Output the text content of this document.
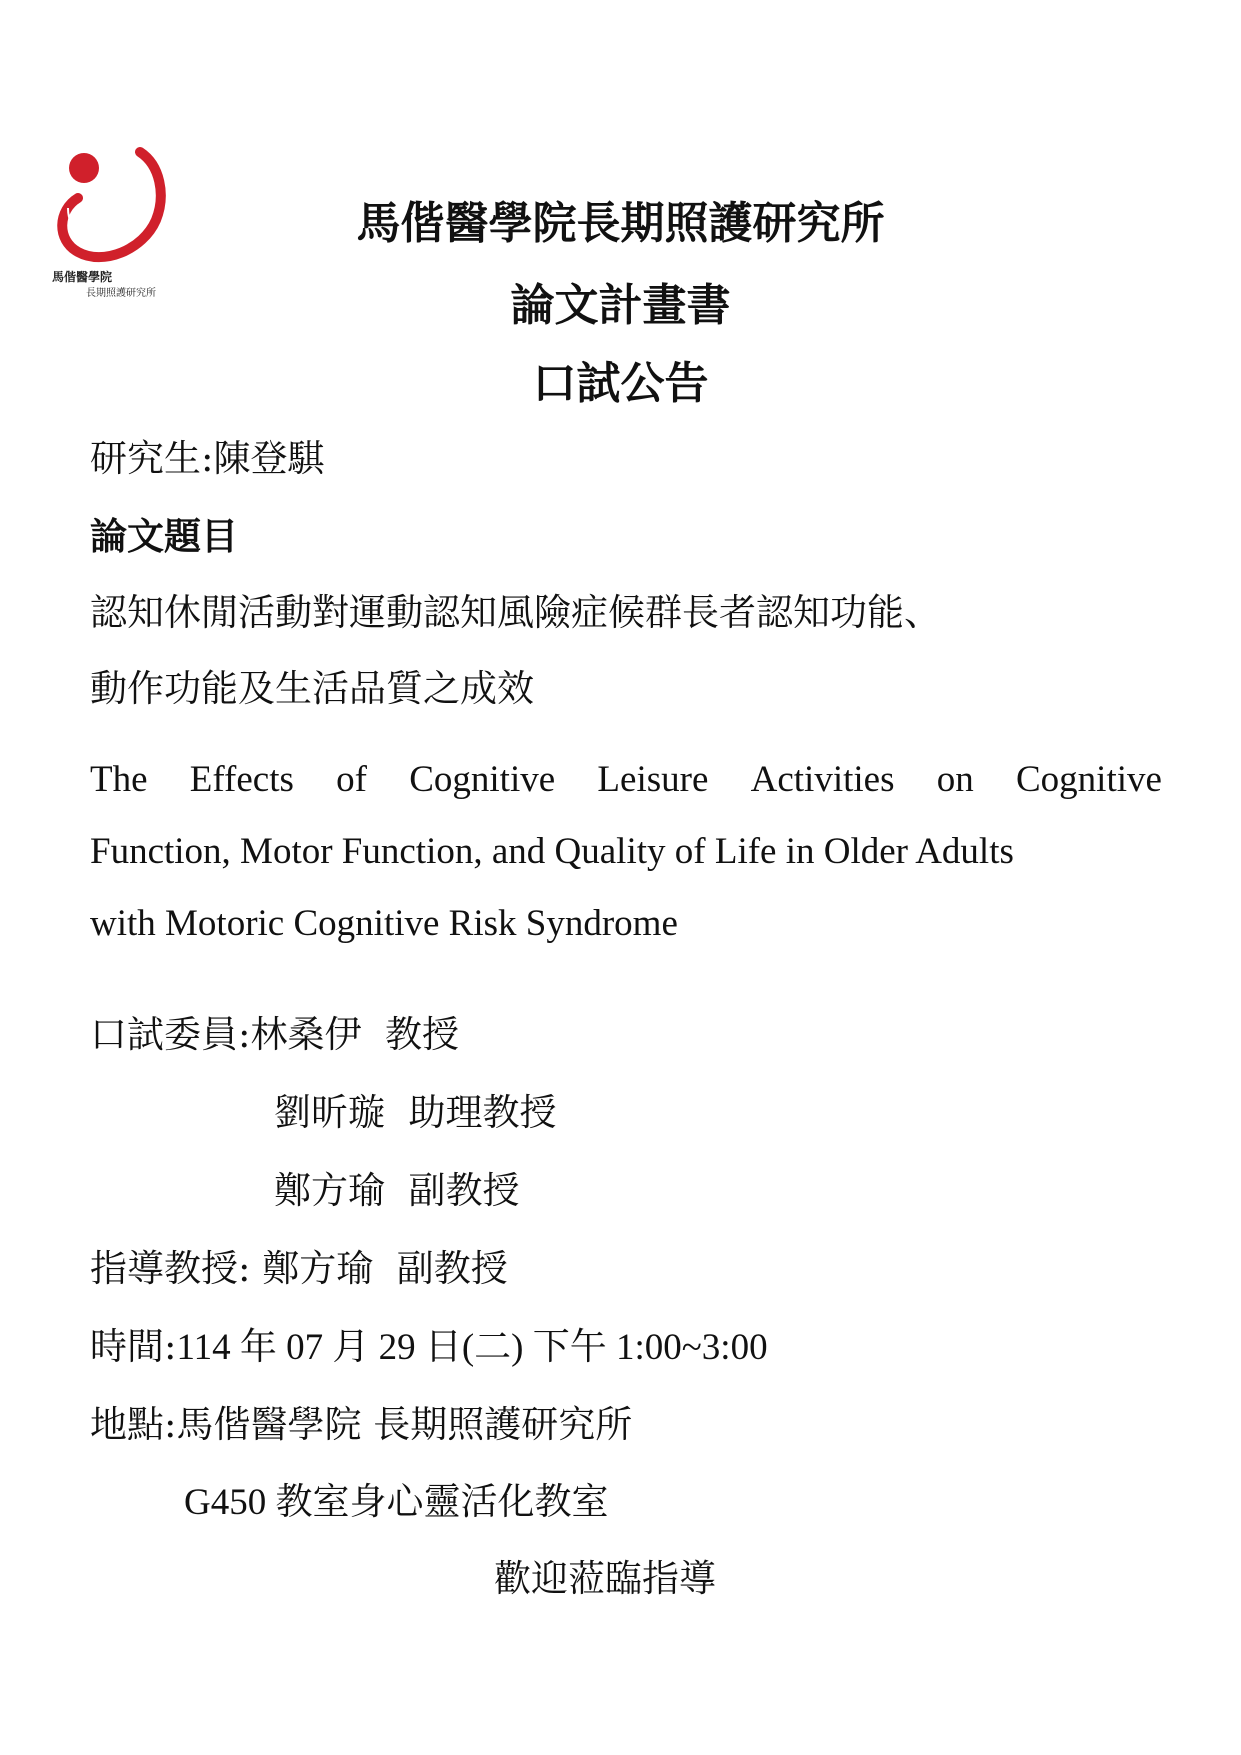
馬偕醫學院
長期照護研究所
馬偕醫學院長期照護研究所
論文計畫書
口試公告
研究生:陳登騏
論文題目
認知休閒活動對運動認知風險症候群長者認知功能、
動作功能及生活品質之成效
The Effects of Cognitive Leisure Activities on Cognitive
Function, Motor Function, and Quality of Life in Older Adults
with Motoric Cognitive Risk Syndrome
口試委員:林桑伊 教授
劉昕璇 助理教授
鄭方瑜 副教授
指導教授: 鄭方瑜 副教授
時間:114 年 07 月 29 日(二) 下午 1:00~3:00
地點:馬偕醫學院 長期照護研究所
G450 教室身心靈活化教室
歡迎蒞臨指導
